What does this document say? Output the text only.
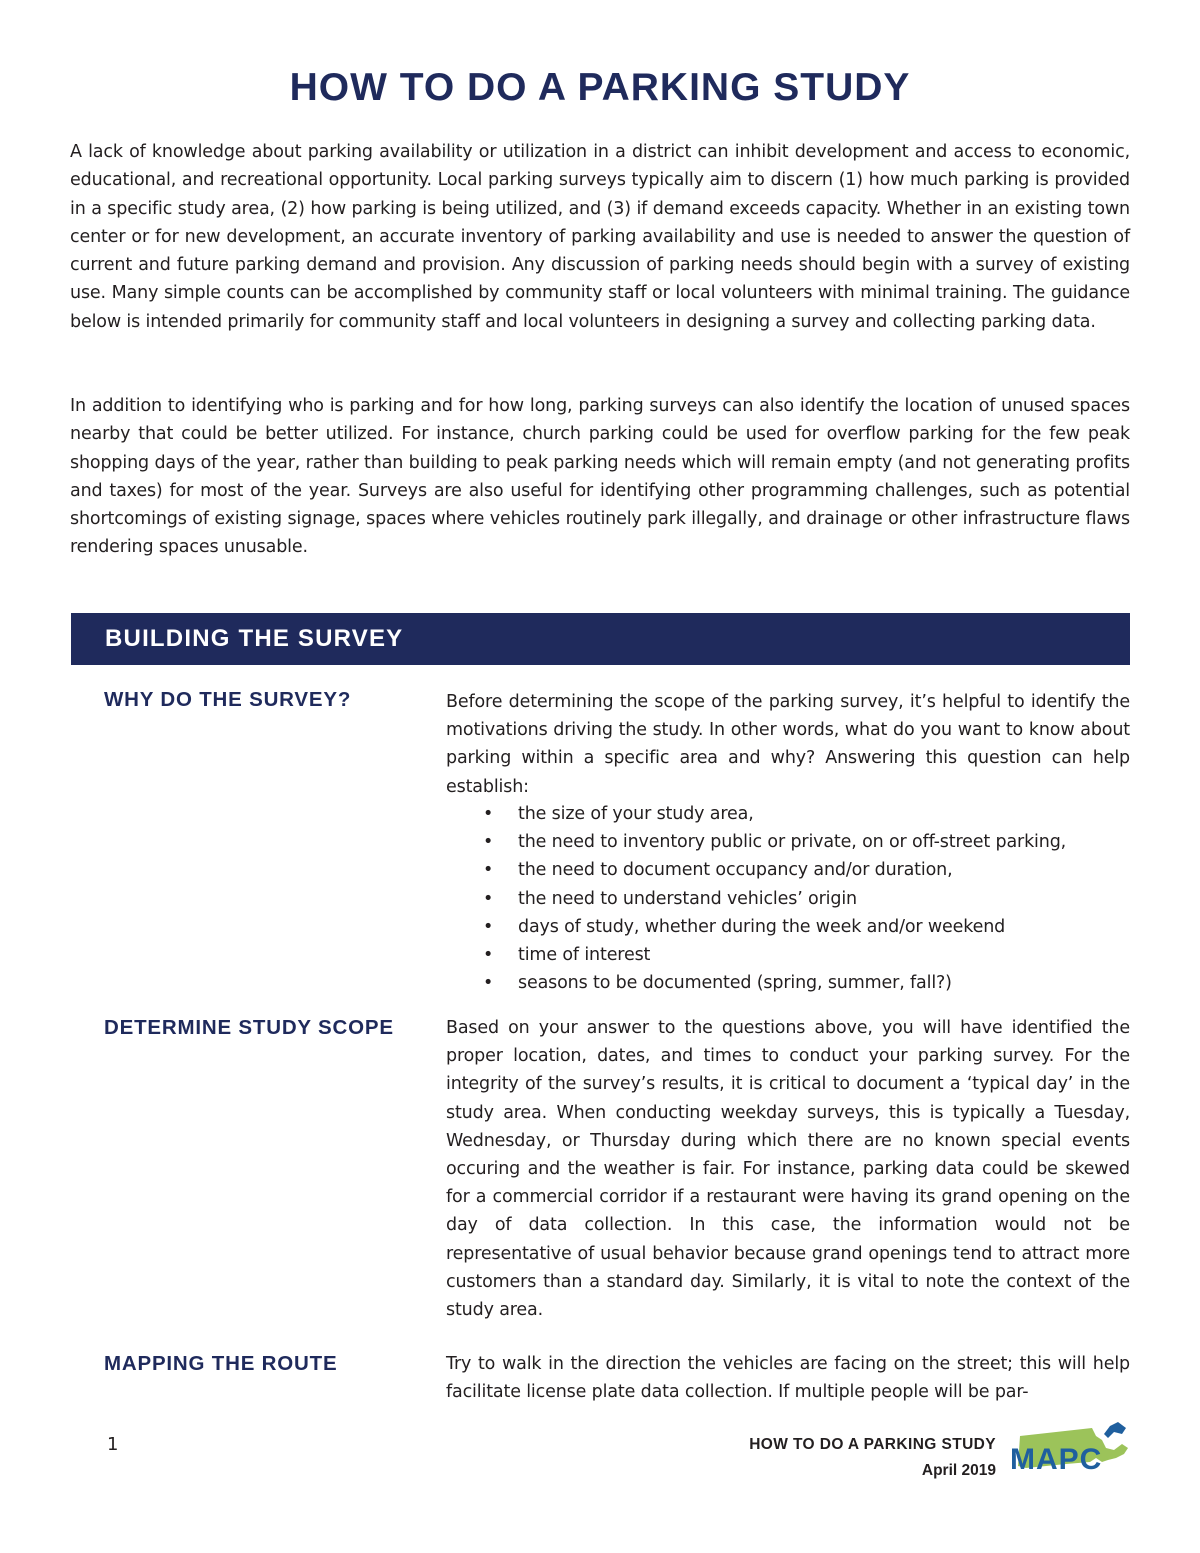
HOW TO DO A PARKING STUDY

A lack of knowledge about parking availability or utilization in a district can inhibit development and access to economic, educational, and recreational opportunity. Local parking surveys typically aim to discern (1) how much parking is provided in a specific study area, (2) how parking is being utilized, and (3) if demand exceeds capacity. Whether in an existing town center or for new development, an accurate inventory of parking availability and use is needed to answer the question of current and future parking demand and provision. Any discussion of parking needs should begin with a survey of existing use. Many simple counts can be accomplished by community staff or local volunteers with minimal training. The guidance below is intended primarily for community staff and local volunteers in designing a survey and collecting parking data.

In addition to identifying who is parking and for how long, parking surveys can also identify the location of unused spaces nearby that could be better utilized. For instance, church parking could be used for overflow parking for the few peak shopping days of the year, rather than building to peak parking needs which will remain empty (and not generating profits and taxes) for most of the year. Surveys are also useful for identifying other programming challenges, such as potential shortcomings of existing signage, spaces where vehicles routinely park illegally, and drainage or other infrastructure flaws rendering spaces unusable.

BUILDING THE SURVEY
WHY DO THE SURVEY?	Before determining the scope of the parking survey, it’s helpful to identify the motivations driving the study. In other words, what do you want to know about parking within a specific area and why? Answering this question can help establish:

• the size of your study area,
• the need to inventory public or private, on or off-street parking,
• the need to document occupancy and/or duration,
• the need to understand vehicles’ origin
• days of study, whether during the week and/or weekend
• time of interest
• seasons to be documented (spring, summer, fall?)
DETERMINE STUDY SCOPE	Based on your answer to the questions above, you will have identified the proper location, dates, and times to conduct your parking survey. For the integrity of the survey’s results, it is critical to document a ‘typical day’ in the study area. When conducting weekday surveys, this is typically a Tuesday, Wednesday, or Thursday during which there are no known special events occuring and the weather is fair. For instance, parking data could be skewed for a commercial corridor if a restaurant were having its grand opening on the day of data collection. In this case, the information would not be representative of usual behavior because grand openings tend to attract more customers than a standard day. Similarly, it is vital to note the context of the study area.

MAPPING THE ROUTE	Try to walk in the direction the vehicles are facing on the street; this will help facilitate license plate data collection. If multiple people will be par-

1	HOW TO DO A PARKING STUDY
April 2019 MAPC
